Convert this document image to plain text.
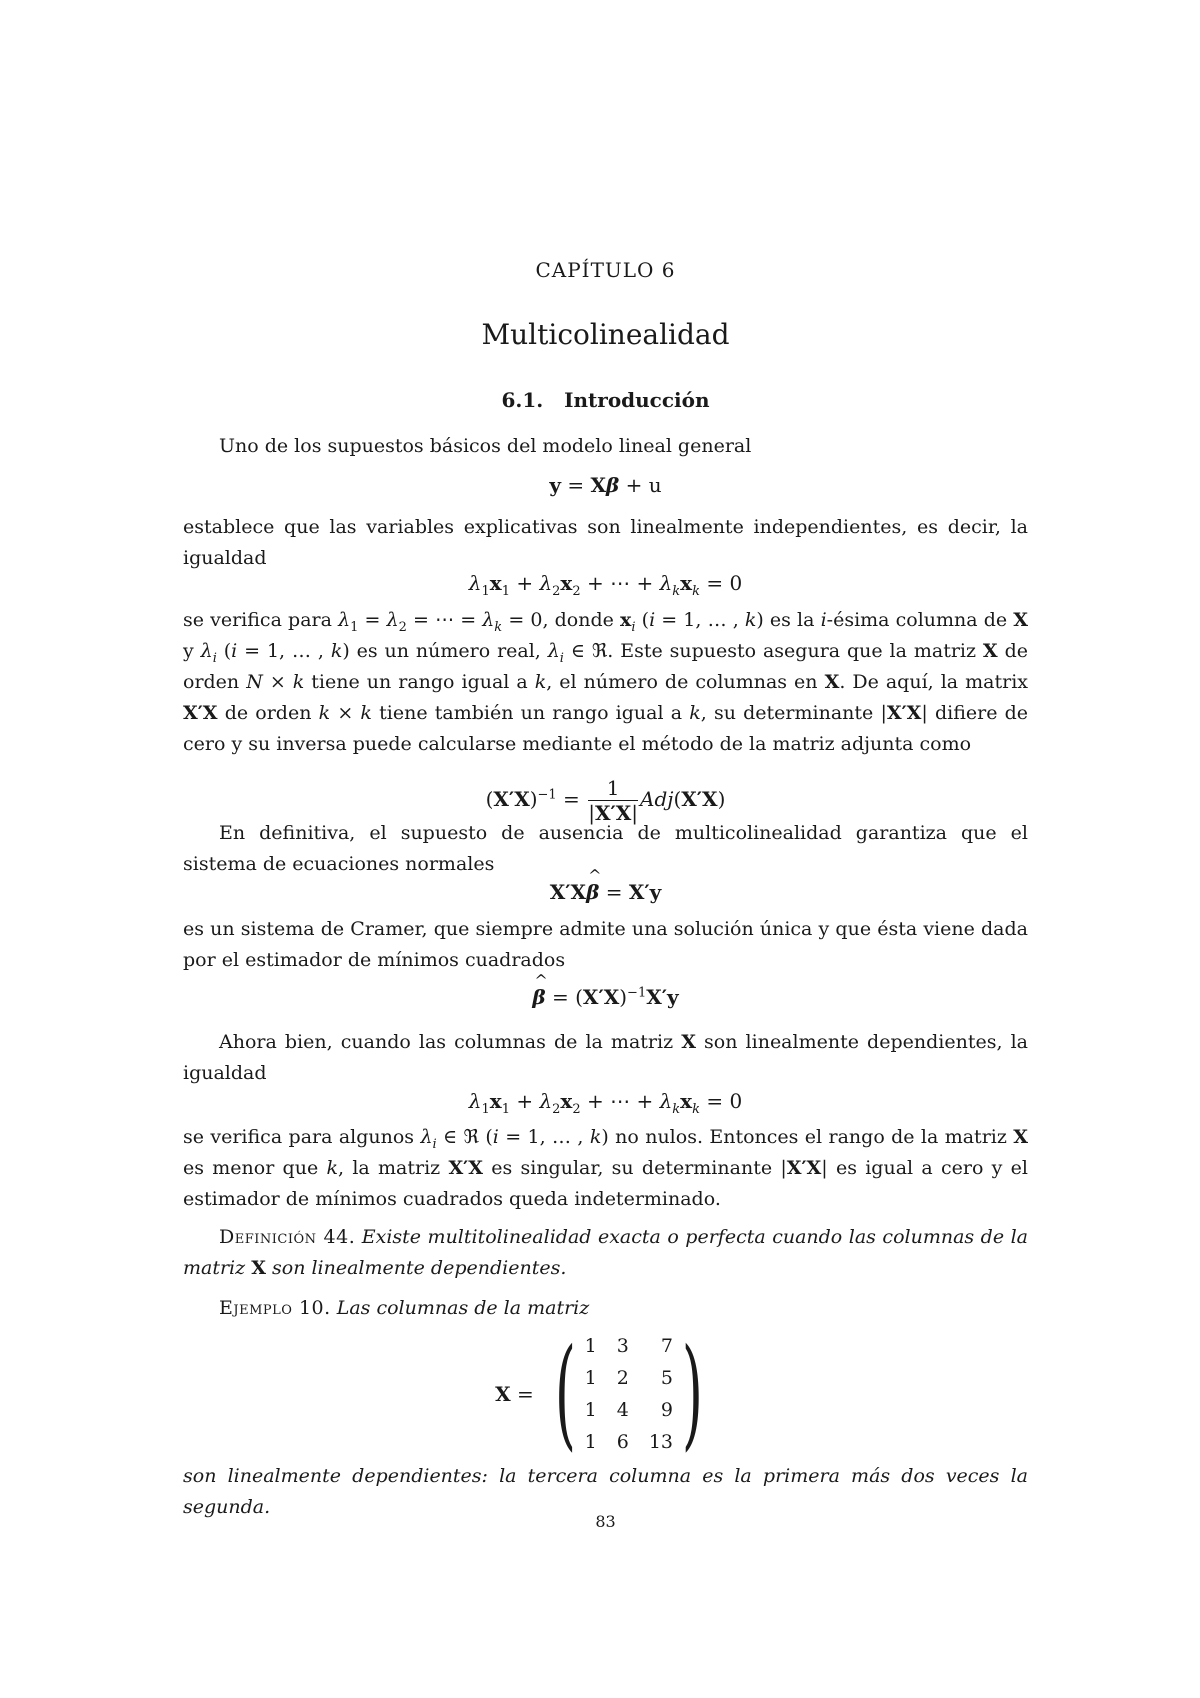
CAPÍTULO 6
Multicolinealidad
6.1. Introducción

Uno de los supuestos básicos del modelo lineal general

y = Xβ + u

establece que las variables explicativas son linealmente independientes, es decir, la igualdad

$\lambda_1x_1 + \lambda_2x_2$ + ⋯ + $\lambda_kx_k = 0$

se verifica para $\lambda_1 = \lambda_2$ = ⋯ = $\lambda_k = 0$, donde $x_i$ (i = 1, … , k) es la i-ésima columna de X y $\lambda_i$ (i = 1, … , k) es un número real, $\lambda_i$ ∈ ℜ. Este supuesto asegura que la matriz X de orden N × k tiene un rango igual a k, el número de columnas en X. De aquí, la matrix X′X de orden k × k tiene también un rango igual a k, su determinante |X′X| difiere de cero y su inversa puede calcularse mediante el método de la matriz adjunta como

$(X'X)^{-1} = \frac{1}{|X'X|} Adj(X'X)$

En definitiva, el supuesto de ausencia de multicolinealidad garantiza que el sistema de ecuaciones normales

X′X^ β = X′y

es un sistema de Cramer, que siempre admite una solución única y que ésta viene dada por el estimador de mínimos cuadrados

^ $\beta = (X'X)^{-1}X'y$

Ahora bien, cuando las columnas de la matriz X son linealmente dependientes, la igualdad

$\lambda_1x_1 + \lambda_2x_2$ + ⋯ + $\lambda_kx_k = 0$

se verifica para algunos $\lambda_i$ ∈ ℜ (i = 1, … , k) no nulos. Entonces el rango de la matriz X es menor que k, la matriz X′X es singular, su determinante |X′X| es igual a cero y el estimador de mínimos cuadrados queda indeterminado.

Definición 44. Existe multitolinealidad exacta o perfecta cuando las columnas de la matriz X son linealmente dependientes.

Ejemplo 10. Las columnas de la matriz

X = ( 1	3	7
1	2	5
1	4	9
1	6	13 )

son linealmente dependientes: la tercera columna es la primera más dos veces la segunda.

83
